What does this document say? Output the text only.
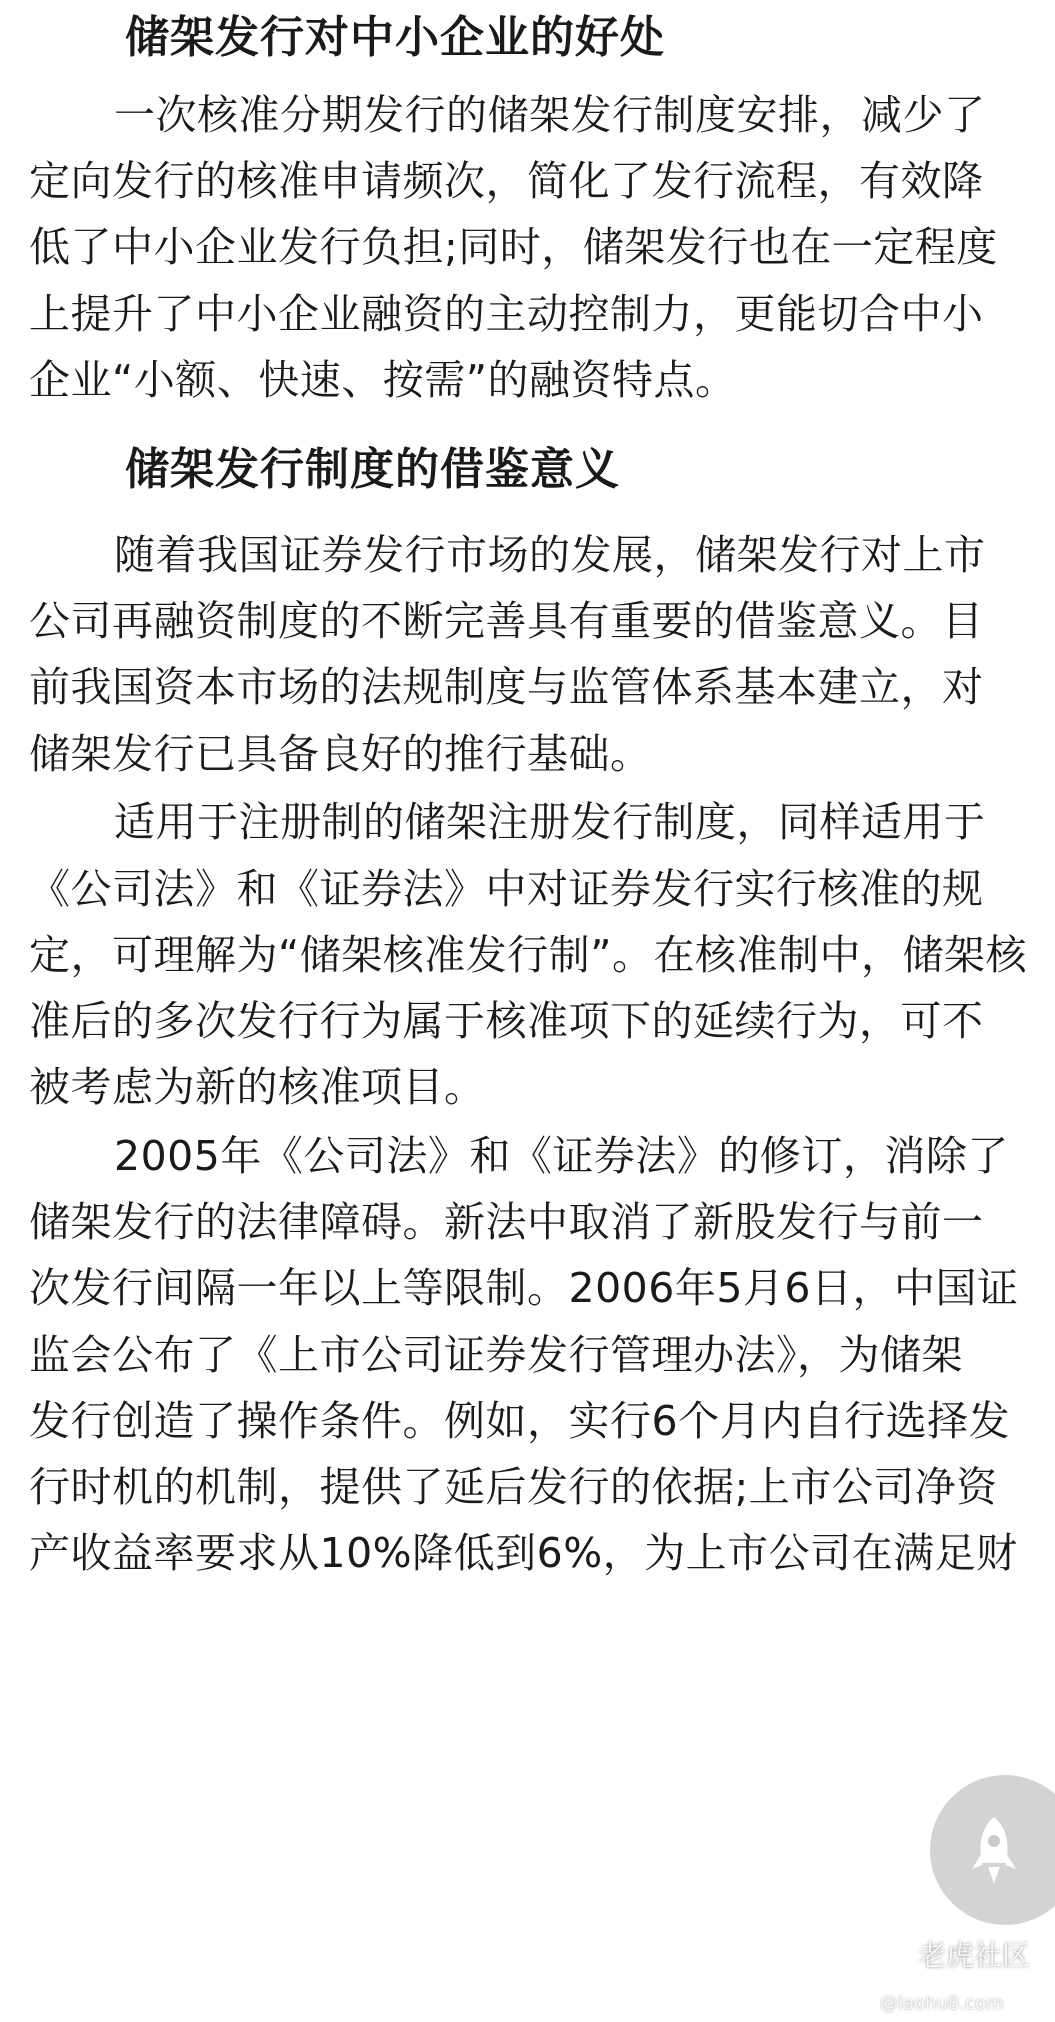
储架发行对中小企业的好处
一次核准分期发行的储架发行制度安排，减少了
定向发行的核准申请频次，简化了发行流程，有效降
低了中小企业发行负担;同时，储架发行也在一定程度
上提升了中小企业融资的主动控制力，更能切合中小
企业“小额、快速、按需”的融资特点。
储架发行制度的借鉴意义
随着我国证券发行市场的发展，储架发行对上市
公司再融资制度的不断完善具有重要的借鉴意义。目
前我国资本市场的法规制度与监管体系基本建立，对
储架发行已具备良好的推行基础。
适用于注册制的储架注册发行制度，同样适用于
《公司法》和《证券法》中对证券发行实行核准的规
定，可理解为“储架核准发行制”。在核准制中，储架核
准后的多次发行行为属于核准项下的延续行为，可不
被考虑为新的核准项目。
2005年《公司法》和《证券法》的修订，消除了
储架发行的法律障碍。新法中取消了新股发行与前一
次发行间隔一年以上等限制。2006年5月6日，中国证
监会公布了《上市公司证券发行管理办法》，为储架
发行创造了操作条件。例如，实行6个月内自行选择发
行时机的机制，提供了延后发行的依据;上市公司净资
产收益率要求从10%降低到6%，为上市公司在满足财
老虎社区
@laohu8.com
